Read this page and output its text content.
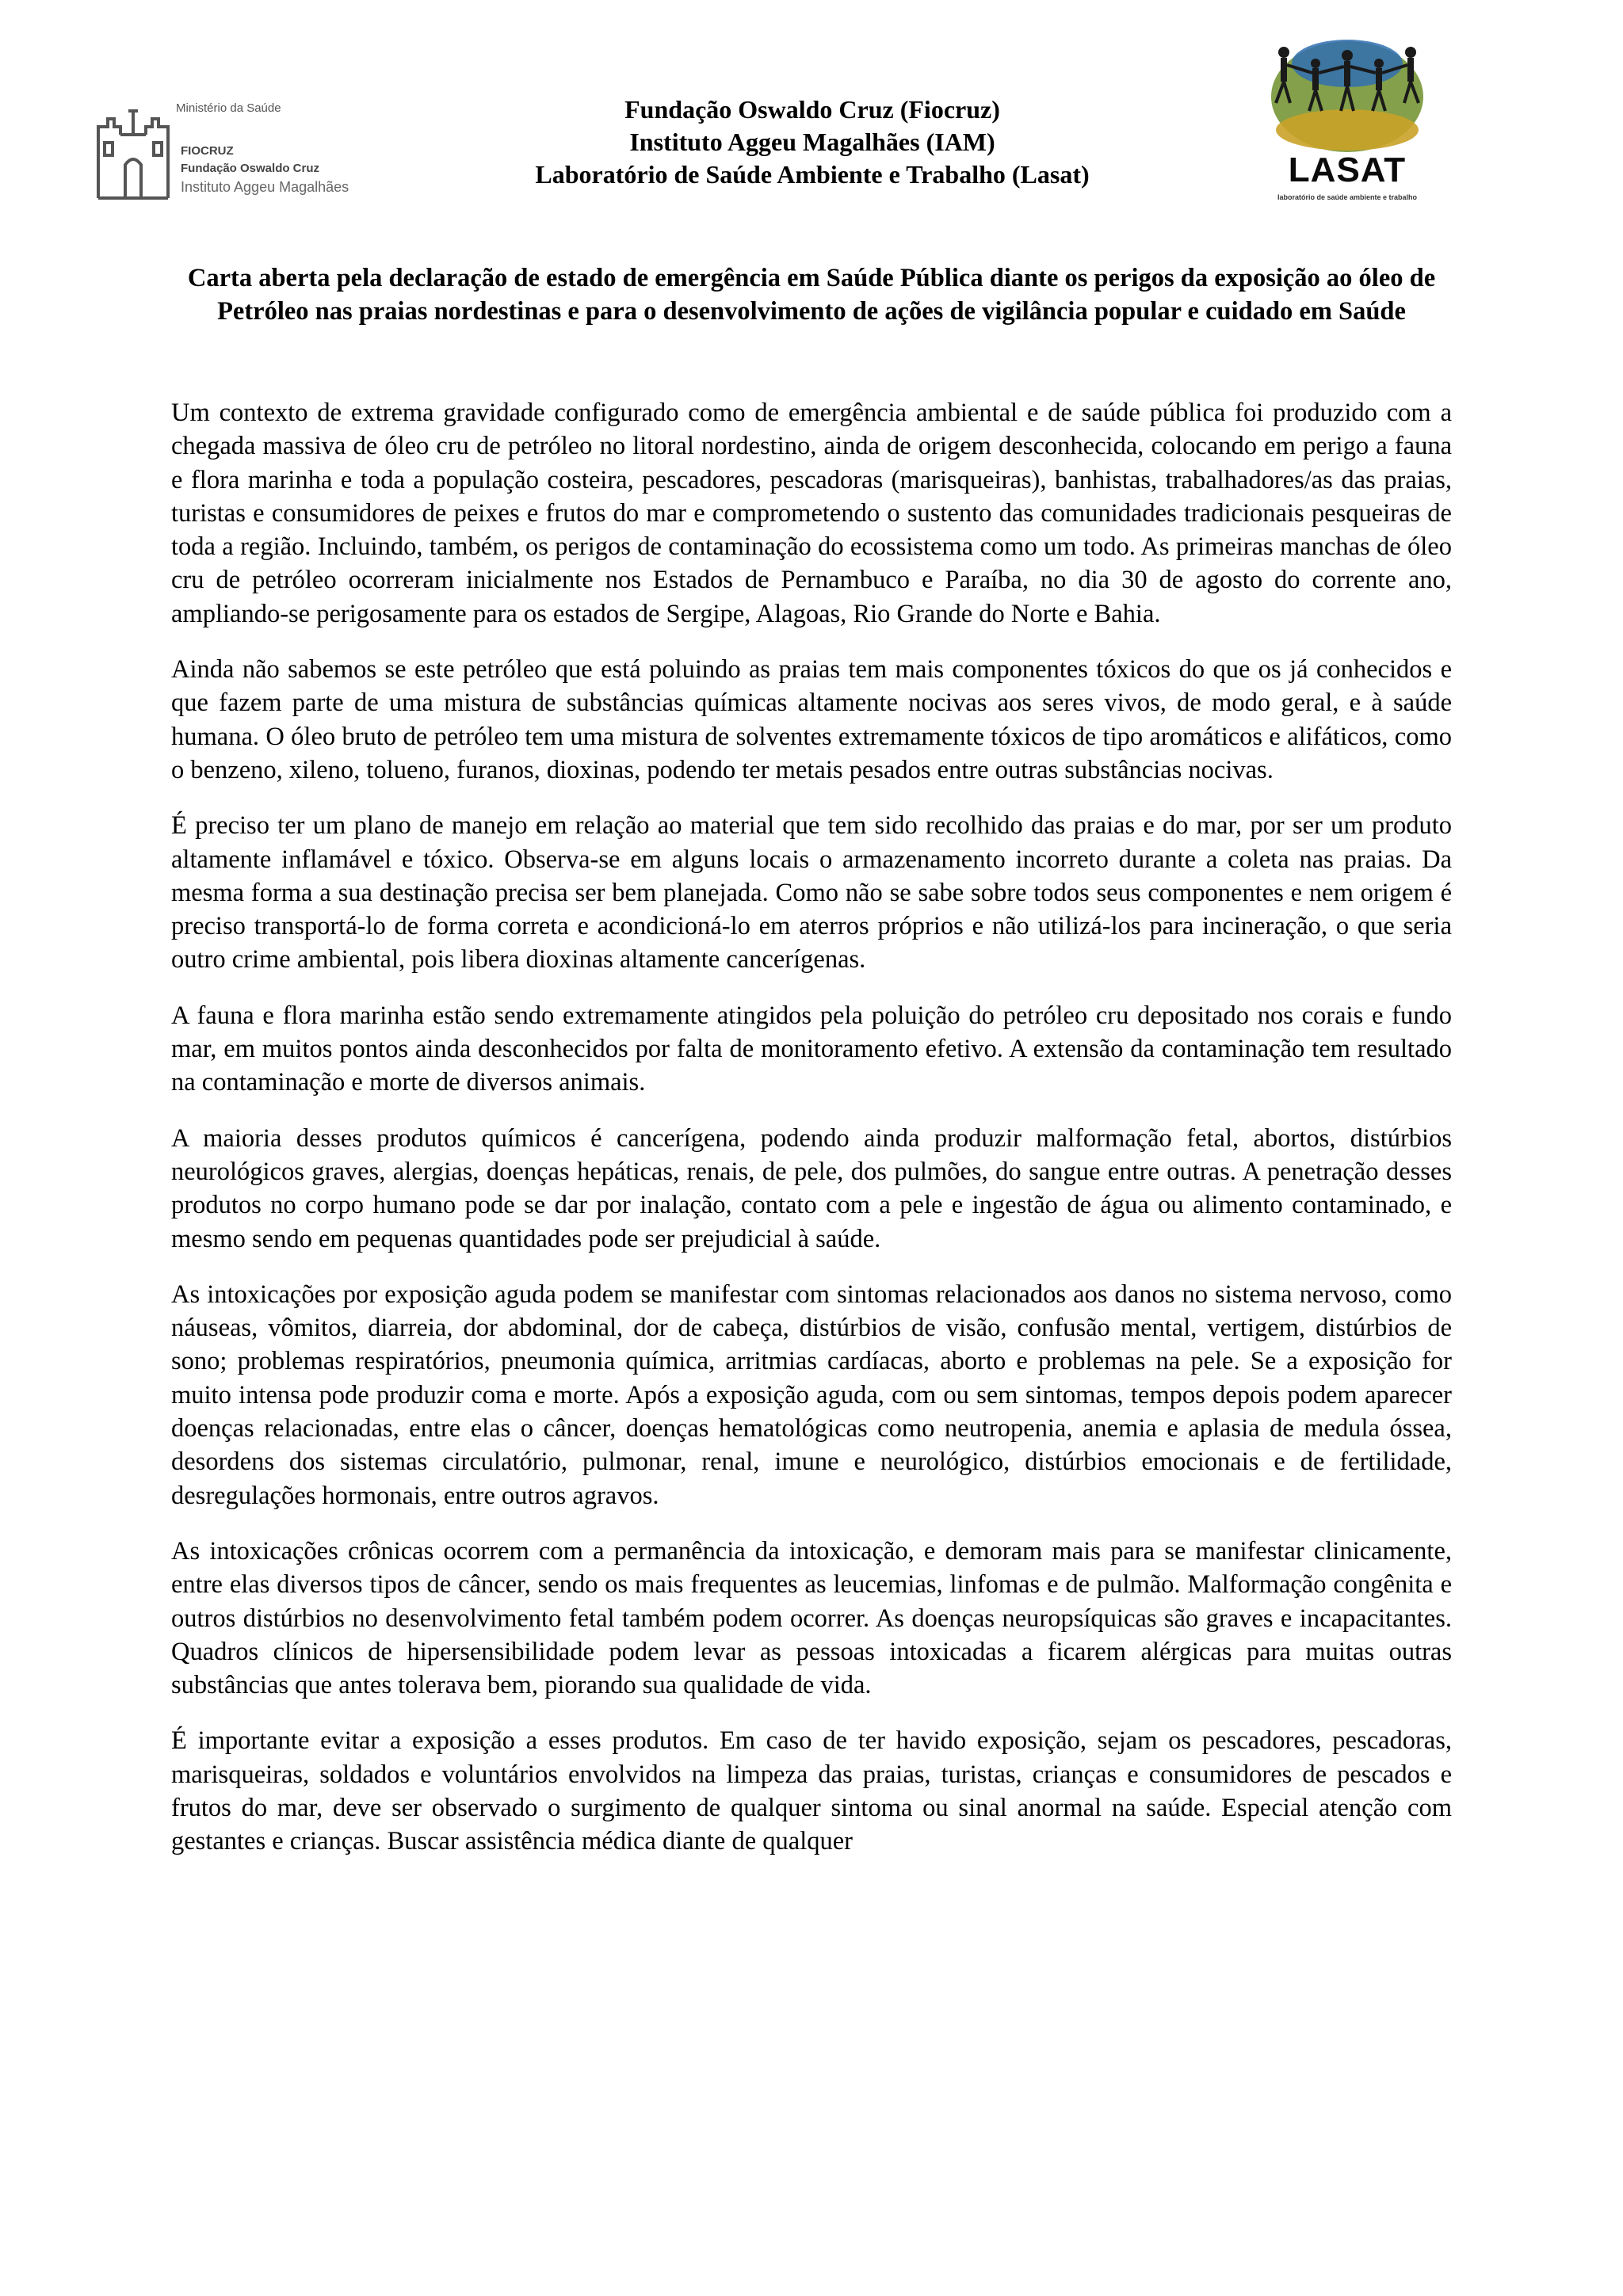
Ministério da Saúde
FIOCRUZ
Fundação Oswaldo Cruz
Instituto Aggeu Magalhães
Fundação Oswaldo Cruz (Fiocruz)
Instituto Aggeu Magalhães (IAM)
Laboratório de Saúde Ambiente e Trabalho (Lasat)	LASAT
laboratório de saúde ambiente e trabalho
Carta aberta pela declaração de estado de emergência em Saúde Pública diante os perigos da exposição ao óleo de Petróleo nas praias nordestinas e para o desenvolvimento de ações de vigilância popular e cuidado em Saúde

Um contexto de extrema gravidade configurado como de emergência ambiental e de saúde pública foi produzido com a chegada massiva de óleo cru de petróleo no litoral nordestino, ainda de origem desconhecida, colocando em perigo a fauna e flora marinha e toda a população costeira, pescadores, pescadoras (marisqueiras), banhistas, trabalhadores/as das praias, turistas e consumidores de peixes e frutos do mar e comprometendo o sustento das comunidades tradicionais pesqueiras de toda a região. Incluindo, também, os perigos de contaminação do ecossistema como um todo. As primeiras manchas de óleo cru de petróleo ocorreram inicialmente nos Estados de Pernambuco e Paraíba, no dia 30 de agosto do corrente ano, ampliando-se perigosamente para os estados de Sergipe, Alagoas, Rio Grande do Norte e Bahia.

Ainda não sabemos se este petróleo que está poluindo as praias tem mais componentes tóxicos do que os já conhecidos e que fazem parte de uma mistura de substâncias químicas altamente nocivas aos seres vivos, de modo geral, e à saúde humana. O óleo bruto de petróleo tem uma mistura de solventes extremamente tóxicos de tipo aromáticos e alifáticos, como o benzeno, xileno, tolueno, furanos, dioxinas, podendo ter metais pesados entre outras substâncias nocivas.

É preciso ter um plano de manejo em relação ao material que tem sido recolhido das praias e do mar, por ser um produto altamente inflamável e tóxico. Observa-se em alguns locais o armazenamento incorreto durante a coleta nas praias. Da mesma forma a sua destinação precisa ser bem planejada. Como não se sabe sobre todos seus componentes e nem origem é preciso transportá-lo de forma correta e acondicioná-lo em aterros próprios e não utilizá-los para incineração, o que seria outro crime ambiental, pois libera dioxinas altamente cancerígenas.

A fauna e flora marinha estão sendo extremamente atingidos pela poluição do petróleo cru depositado nos corais e fundo mar, em muitos pontos ainda desconhecidos por falta de monitoramento efetivo. A extensão da contaminação tem resultado na contaminação e morte de diversos animais.

A maioria desses produtos químicos é cancerígena, podendo ainda produzir malformação fetal, abortos, distúrbios neurológicos graves, alergias, doenças hepáticas, renais, de pele, dos pulmões, do sangue entre outras. A penetração desses produtos no corpo humano pode se dar por inalação, contato com a pele e ingestão de água ou alimento contaminado, e mesmo sendo em pequenas quantidades pode ser prejudicial à saúde.

As intoxicações por exposição aguda podem se manifestar com sintomas relacionados aos danos no sistema nervoso, como náuseas, vômitos, diarreia, dor abdominal, dor de cabeça, distúrbios de visão, confusão mental, vertigem, distúrbios de sono; problemas respiratórios, pneumonia química, arritmias cardíacas, aborto e problemas na pele. Se a exposição for muito intensa pode produzir coma e morte. Após a exposição aguda, com ou sem sintomas, tempos depois podem aparecer doenças relacionadas, entre elas o câncer, doenças hematológicas como neutropenia, anemia e aplasia de medula óssea, desordens dos sistemas circulatório, pulmonar, renal, imune e neurológico, distúrbios emocionais e de fertilidade, desregulações hormonais, entre outros agravos.

As intoxicações crônicas ocorrem com a permanência da intoxicação, e demoram mais para se manifestar clinicamente, entre elas diversos tipos de câncer, sendo os mais frequentes as leucemias, linfomas e de pulmão. Malformação congênita e outros distúrbios no desenvolvimento fetal também podem ocorrer. As doenças neuropsíquicas são graves e incapacitantes. Quadros clínicos de hipersensibilidade podem levar as pessoas intoxicadas a ficarem alérgicas para muitas outras substâncias que antes tolerava bem, piorando sua qualidade de vida.

É importante evitar a exposição a esses produtos. Em caso de ter havido exposição, sejam os pescadores, pescadoras, marisqueiras, soldados e voluntários envolvidos na limpeza das praias, turistas, crianças e consumidores de pescados e frutos do mar, deve ser observado o surgimento de qualquer sintoma ou sinal anormal na saúde. Especial atenção com gestantes e crianças. Buscar assistência médica diante de qualquer
